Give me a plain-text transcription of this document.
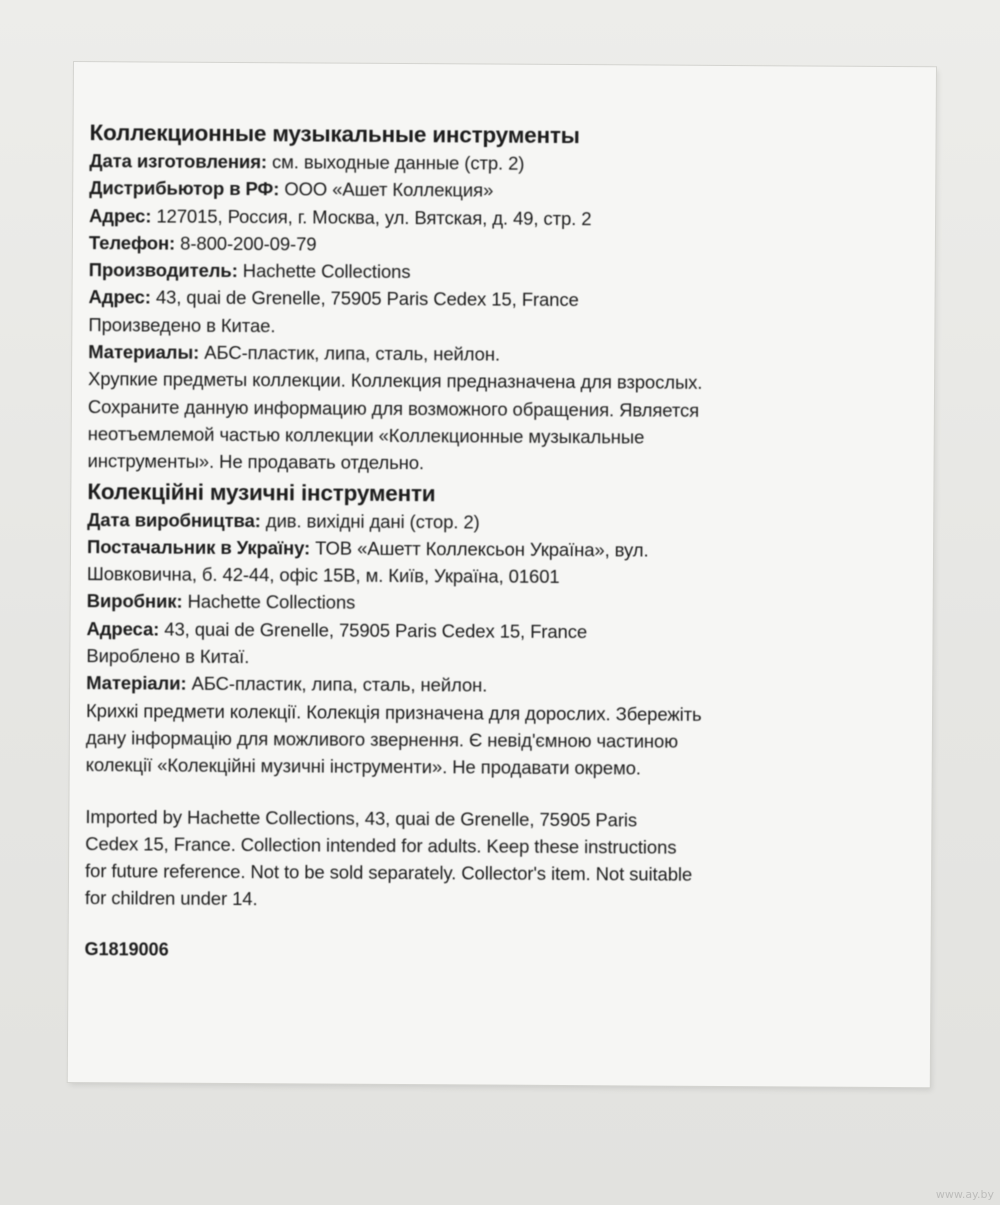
Коллекционные музыкальные инструменты
Дата изготовления: см. выходные данные (стр. 2)
Дистрибьютор в РФ: ООО «Ашет Коллекция»
Адрес: 127015, Россия, г. Москва, ул. Вятская, д. 49, стр. 2
Телефон: 8-800-200-09-79
Производитель: Hachette Collections
Адрес: 43, quai de Grenelle, 75905 Paris Cedex 15, France
Произведено в Китае.
Материалы: АБС-пластик, липа, сталь, нейлон.
Хрупкие предметы коллекции. Коллекция предназначена для взрослых.
Сохраните данную информацию для возможного обращения. Является
неотъемлемой частью коллекции «Коллекционные музыкальные
инструменты». Не продавать отдельно.
Колекційні музичні інструменти
Дата виробництва: див. вихідні дані (стор. 2)
Постачальник в Україну: ТОВ «Ашетт Коллексьон Україна», вул.
Шовковична, б. 42-44, офіс 15В, м. Київ, Україна, 01601
Виробник: Hachette Collections
Адреса: 43, quai de Grenelle, 75905 Paris Cedex 15, France
Вироблено в Китаї.
Матеріали: АБС-пластик, липа, сталь, нейлон.
Крихкі предмети колекції. Колекція призначена для дорослих. Збережіть
дану інформацію для можливого звернення. Є невід'ємною частиною
колекції «Колекційні музичні інструменти». Не продавати окремо.
Imported by Hachette Collections, 43, quai de Grenelle, 75905 Paris
Cedex 15, France. Collection intended for adults. Keep these instructions
for future reference. Not to be sold separately. Collector's item. Not suitable
for children under 14.
G1819006
www.ay.by
